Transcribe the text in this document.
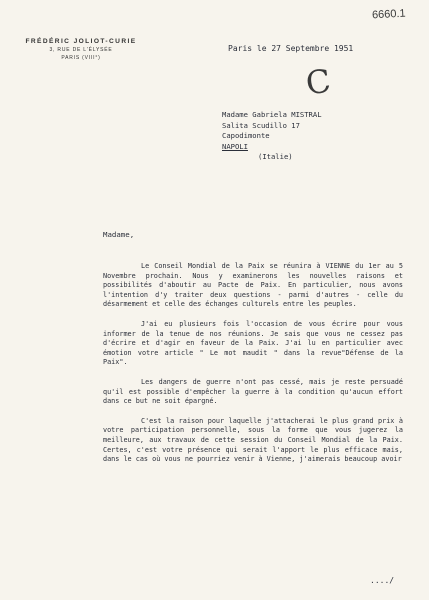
6660.1
FRÉDÉRIC JOLIOT-CURIE
3, RUE DE L'ÉLYSÉE
PARIS (VIII°)
Paris le 27 Septembre 1951
C
Madame Gabriela MISTRAL
Salita Scudillo 17
Capodimonte
NAPOLI
(Italie)
Madame,

Le Conseil Mondial de la Paix se réunira à VIENNE du 1er au 5 Novembre prochain. Nous y examinerons les nouvelles raisons et possibilités d'aboutir au Pacte de Paix. En particulier, nous avons l'intention d'y traiter deux questions - parmi d'autres - celle du désarmement et celle des échanges culturels entre les peuples.

J'ai eu plusieurs fois l'occasion de vous écrire pour vous informer de la tenue de nos réunions. Je sais que vous ne cessez pas d'écrire et d'agir en faveur de la Paix. J'ai lu en particulier avec émotion votre article " Le mot maudit " dans la revue"Défense de la Paix".

Les dangers de guerre n'ont pas cessé, mais je reste persuadé qu'il est possible d'empêcher la guerre à la condition qu'aucun effort dans ce but ne soit épargné.

C'est la raison pour laquelle j'attacherai le plus grand prix à votre participation personnelle, sous la forme que vous jugerez la meilleure, aux travaux de cette session du Conseil Mondial de la Paix. Certes, c'est votre présence qui serait l'apport le plus efficace mais, dans le cas où vous ne pourriez venir à Vienne, j'aimerais beaucoup avoir

..../
